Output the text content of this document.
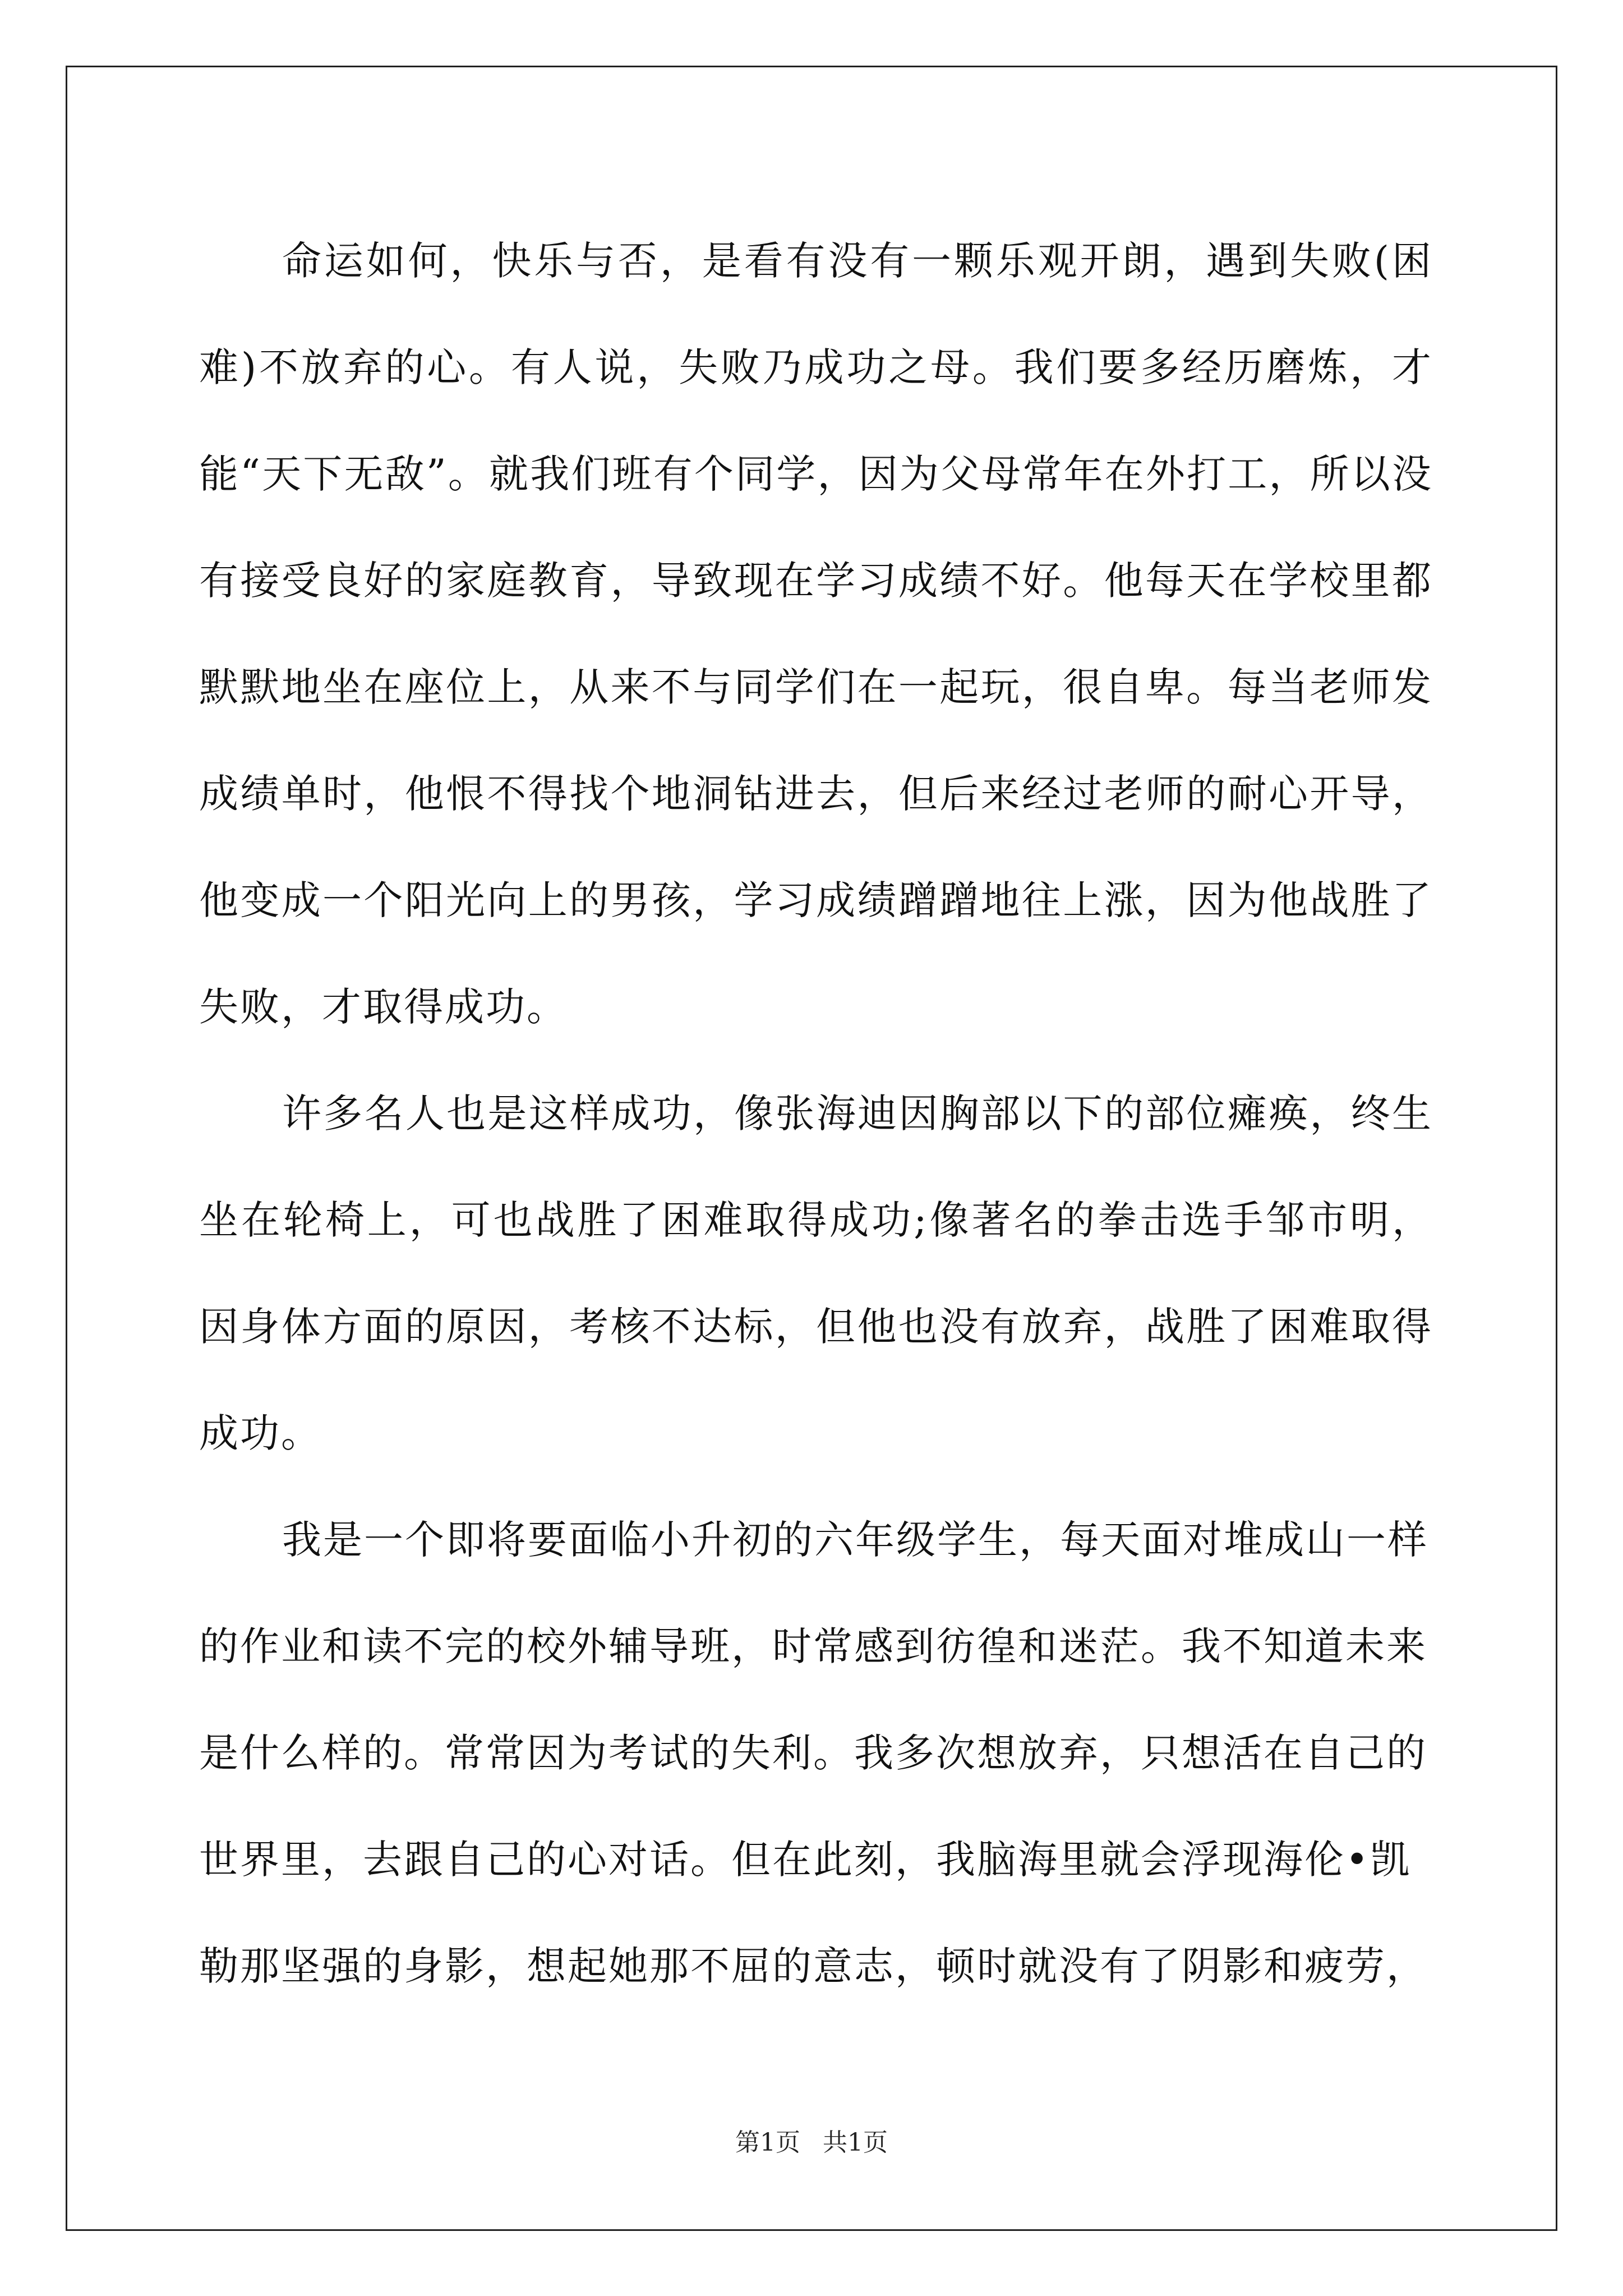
命运如何，快乐与否，是看有没有一颗乐观开朗，遇到失败(困难)不放弃的心。有人说，失败乃成功之母。我们要多经历磨炼，才能“天下无敌”。就我们班有个同学，因为父母常年在外打工，所以没有接受良好的家庭教育，导致现在学习成绩不好。他每天在学校里都默默地坐在座位上，从来不与同学们在一起玩，很自卑。每当老师发成绩单时，他恨不得找个地洞钻进去，但后来经过老师的耐心开导，他变成一个阳光向上的男孩，学习成绩蹭蹭地往上涨，因为他战胜了失败，才取得成功。

许多名人也是这样成功，像张海迪因胸部以下的部位瘫痪，终生坐在轮椅上，可也战胜了困难取得成功;像著名的拳击选手邹市明，因身体方面的原因，考核不达标，但他也没有放弃，战胜了困难取得成功。

我是一个即将要面临小升初的六年级学生，每天面对堆成山一样的作业和读不完的校外辅导班，时常感到彷徨和迷茫。我不知道未来是什么样的。常常因为考试的失利。我多次想放弃，只想活在自己的世界里，去跟自己的心对话。但在此刻，我脑海里就会浮现海伦•凯勒那坚强的身影，想起她那不屈的意志，顿时就没有了阴影和疲劳，

第1页 共1页
